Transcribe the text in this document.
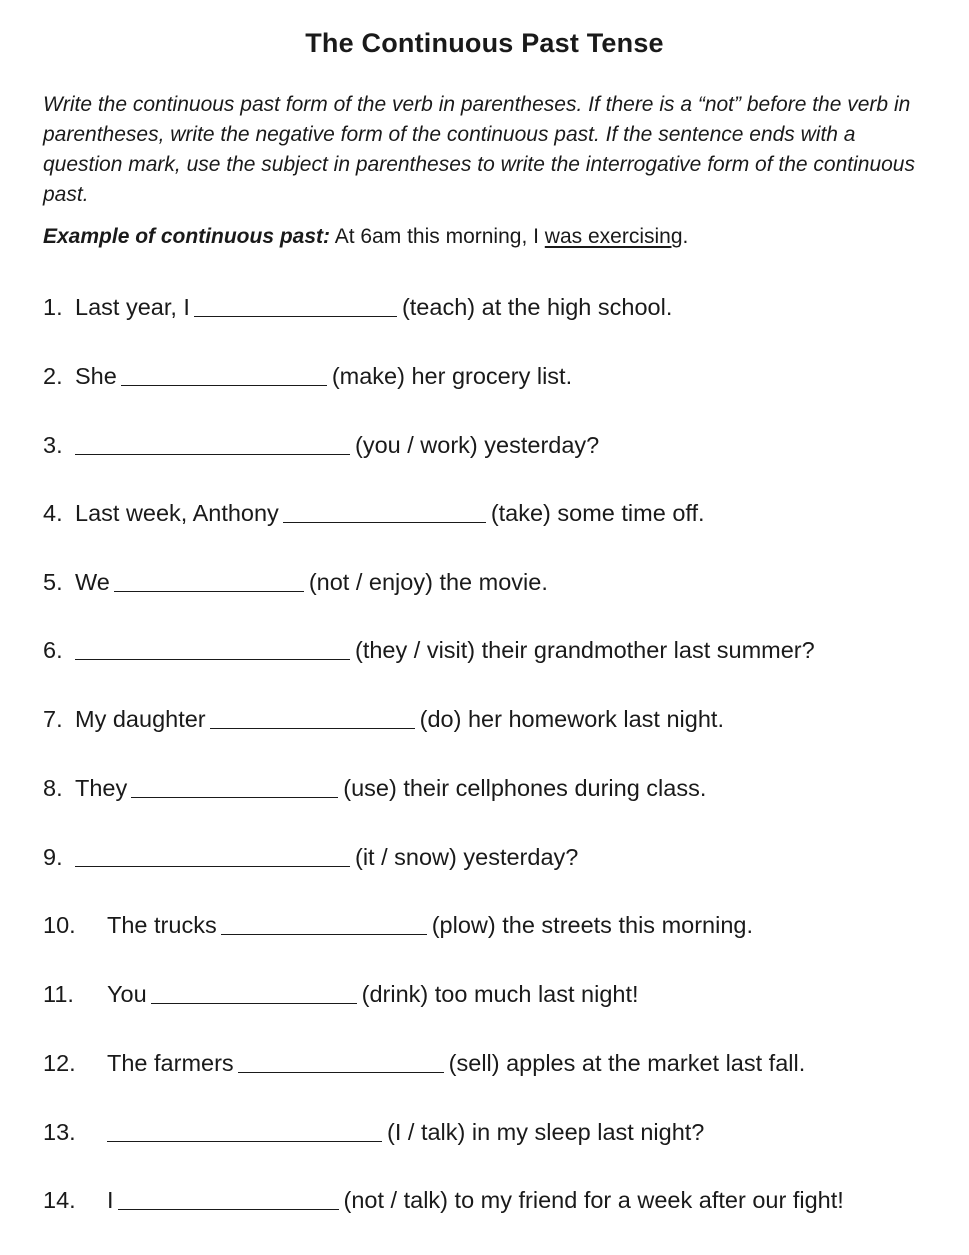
The Continuous Past Tense
Write the continuous past form of the verb in parentheses. If there is a “not” before the verb in parentheses, write the negative form of the continuous past. If the sentence ends with a question mark, use the subject in parentheses to write the interrogative form of the continuous past.
Example of continuous past: At 6am this morning, I was exercising.
1. Last year, I	(teach) at the high school.
2. She	(make) her grocery list.
3.	(you / work) yesterday?
4. Last week, Anthony	(take) some time off.
5. We	(not / enjoy) the movie.
6.	(they / visit) their grandmother last summer?
7. My daughter	(do) her homework last night.
8. They	(use) their cellphones during class.
9.	(it / snow) yesterday?
10. The trucks	(plow) the streets this morning.
11. You	(drink) too much last night!
12. The farmers	(sell) apples at the market last fall.
13.	(I / talk) in my sleep last night?
14. I	(not / talk) to my friend for a week after our fight!
